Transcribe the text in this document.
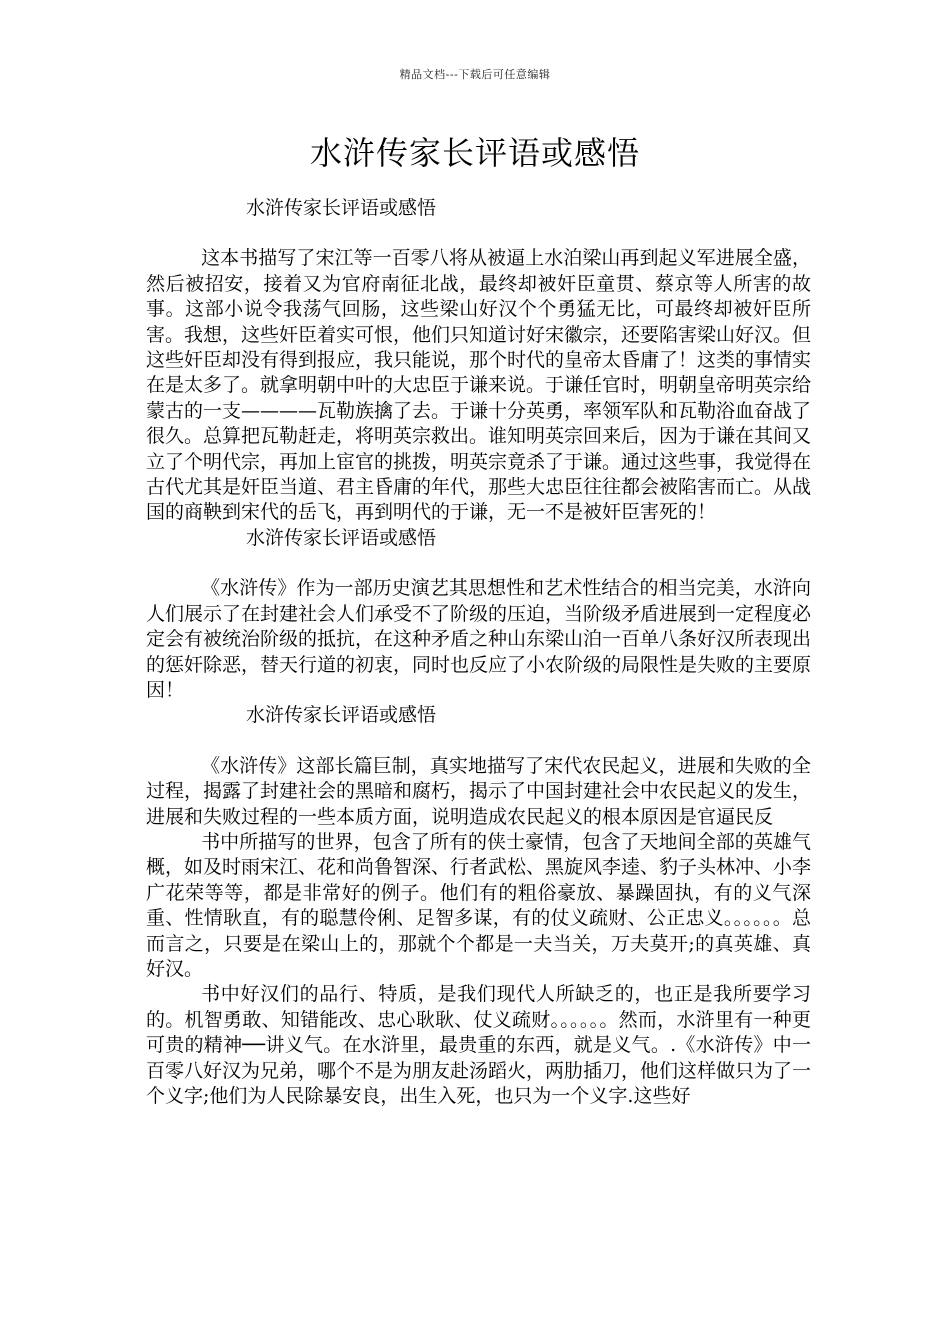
精品文档---下载后可任意编辑
水浒传家长评语或感悟

水浒传家长评语或感悟

这本书描写了宋江等一百零八将从被逼上水泊梁山再到起义军进展全盛，然后被招安，接着又为官府南征北战，最终却被奸臣童贯、蔡京等人所害的故事。这部小说令我荡气回肠，这些梁山好汉个个勇猛无比，可最终却被奸臣所害。我想，这些奸臣着实可恨，他们只知道讨好宋徽宗，还要陷害梁山好汉。但这些奸臣却没有得到报应，我只能说，那个时代的皇帝太昏庸了！这类的事情实在是太多了。就拿明朝中叶的大忠臣于谦来说。于谦任官时，明朝皇帝明英宗给蒙古的一支————瓦勒族擒了去。于谦十分英勇，率领军队和瓦勒浴血奋战了很久。总算把瓦勒赶走，将明英宗救出。谁知明英宗回来后，因为于谦在其间又立了个明代宗，再加上宦官的挑拨，明英宗竟杀了于谦。通过这些事，我觉得在古代尤其是奸臣当道、君主昏庸的年代，那些大忠臣往往都会被陷害而亡。从战国的商鞅到宋代的岳飞，再到明代的于谦，无一不是被奸臣害死的！

水浒传家长评语或感悟

《水浒传》作为一部历史演艺其思想性和艺术性结合的相当完美，水浒向人们展示了在封建社会人们承受不了阶级的压迫，当阶级矛盾进展到一定程度必定会有被统治阶级的抵抗，在这种矛盾之种山东梁山泊一百单八条好汉所表现出的惩奸除恶，替天行道的初衷，同时也反应了小农阶级的局限性是失败的主要原因！

水浒传家长评语或感悟

《水浒传》这部长篇巨制，真实地描写了宋代农民起义，进展和失败的全过程，揭露了封建社会的黑暗和腐朽，揭示了中国封建社会中农民起义的发生，进展和失败过程的一些本质方面，说明造成农民起义的根本原因是官逼民反

书中所描写的世界，包含了所有的侠士豪情，包含了天地间全部的英雄气概，如及时雨宋江、花和尚鲁智深、行者武松、黑旋风李逵、豹子头林冲、小李广花荣等等，都是非常好的例子。他们有的粗俗豪放、暴躁固执，有的义气深重、性情耿直，有的聪慧伶俐、足智多谋，有的仗义疏财、公正忠义。。。。。。总而言之，只要是在梁山上的，那就个个都是一夫当关，万夫莫开;的真英雄、真好汉。

书中好汉们的品行、特质，是我们现代人所缺乏的，也正是我所要学习的。机智勇敢、知错能改、忠心耿耿、仗义疏财。。。。。。然而，水浒里有一种更可贵的精神──讲义气。在水浒里，最贵重的东西，就是义气。.《水浒传》中一百零八好汉为兄弟，哪个不是为朋友赴汤蹈火，两肋插刀，他们这样做只为了一个义字;他们为人民除暴安良，出生入死，也只为一个义字.这些好
